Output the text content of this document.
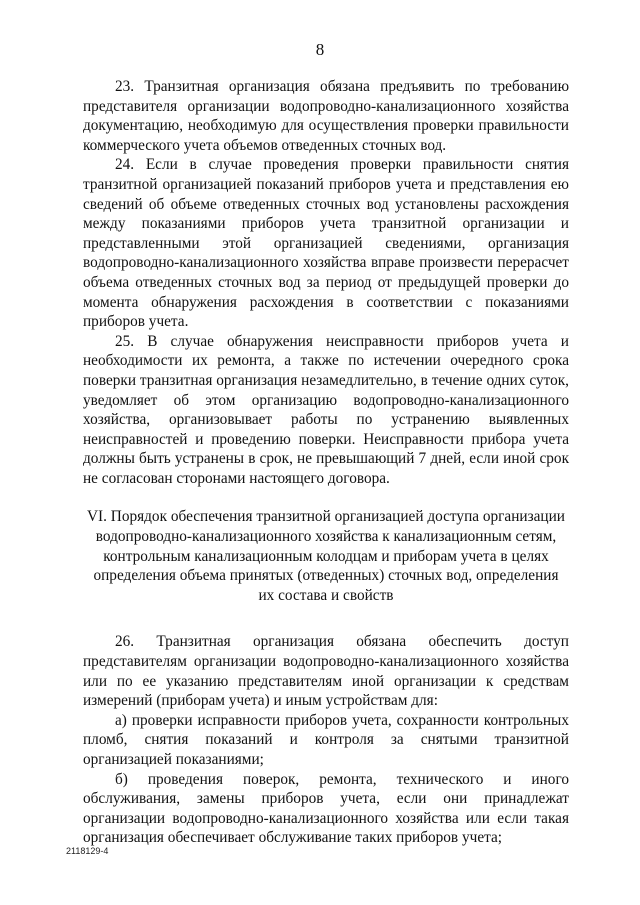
8

23. Транзитная организация обязана предъявить по требованию представителя организации водопроводно-канализационного хозяйства документацию, необходимую для осуществления проверки правильности коммерческого учета объемов отведенных сточных вод.

24. Если в случае проведения проверки правильности снятия транзитной организацией показаний приборов учета и представления ею сведений об объеме отведенных сточных вод установлены расхождения между показаниями приборов учета транзитной организации и представленными этой организацией сведениями, организация водопроводно-канализационного хозяйства вправе произвести перерасчет объема отведенных сточных вод за период от предыдущей проверки до момента обнаружения расхождения в соответствии с показаниями приборов учета.

25. В случае обнаружения неисправности приборов учета и необходимости их ремонта, а также по истечении очередного срока поверки транзитная организация незамедлительно, в течение одних суток, уведомляет об этом организацию водопроводно-канализационного хозяйства, организовывает работы по устранению выявленных неисправностей и проведению поверки. Неисправности прибора учета должны быть устранены в срок, не превышающий 7 дней, если иной срок не согласован сторонами настоящего договора.

VI. Порядок обеспечения транзитной организацией доступа организации водопроводно-канализационного хозяйства к канализационным сетям, контрольным канализационным колодцам и приборам учета в целях определения объема принятых (отведенных) сточных вод, определения их состава и свойств

26. Транзитная организация обязана обеспечить доступ представителям организации водопроводно-канализационного хозяйства или по ее указанию представителям иной организации к средствам измерений (приборам учета) и иным устройствам для:

а) проверки исправности приборов учета, сохранности контрольных пломб, снятия показаний и контроля за снятыми транзитной организацией показаниями;

б) проведения поверок, ремонта, технического и иного обслуживания, замены приборов учета, если они принадлежат организации водопроводно-канализационного хозяйства или если такая организация обеспечивает обслуживание таких приборов учета;

2118129-4
